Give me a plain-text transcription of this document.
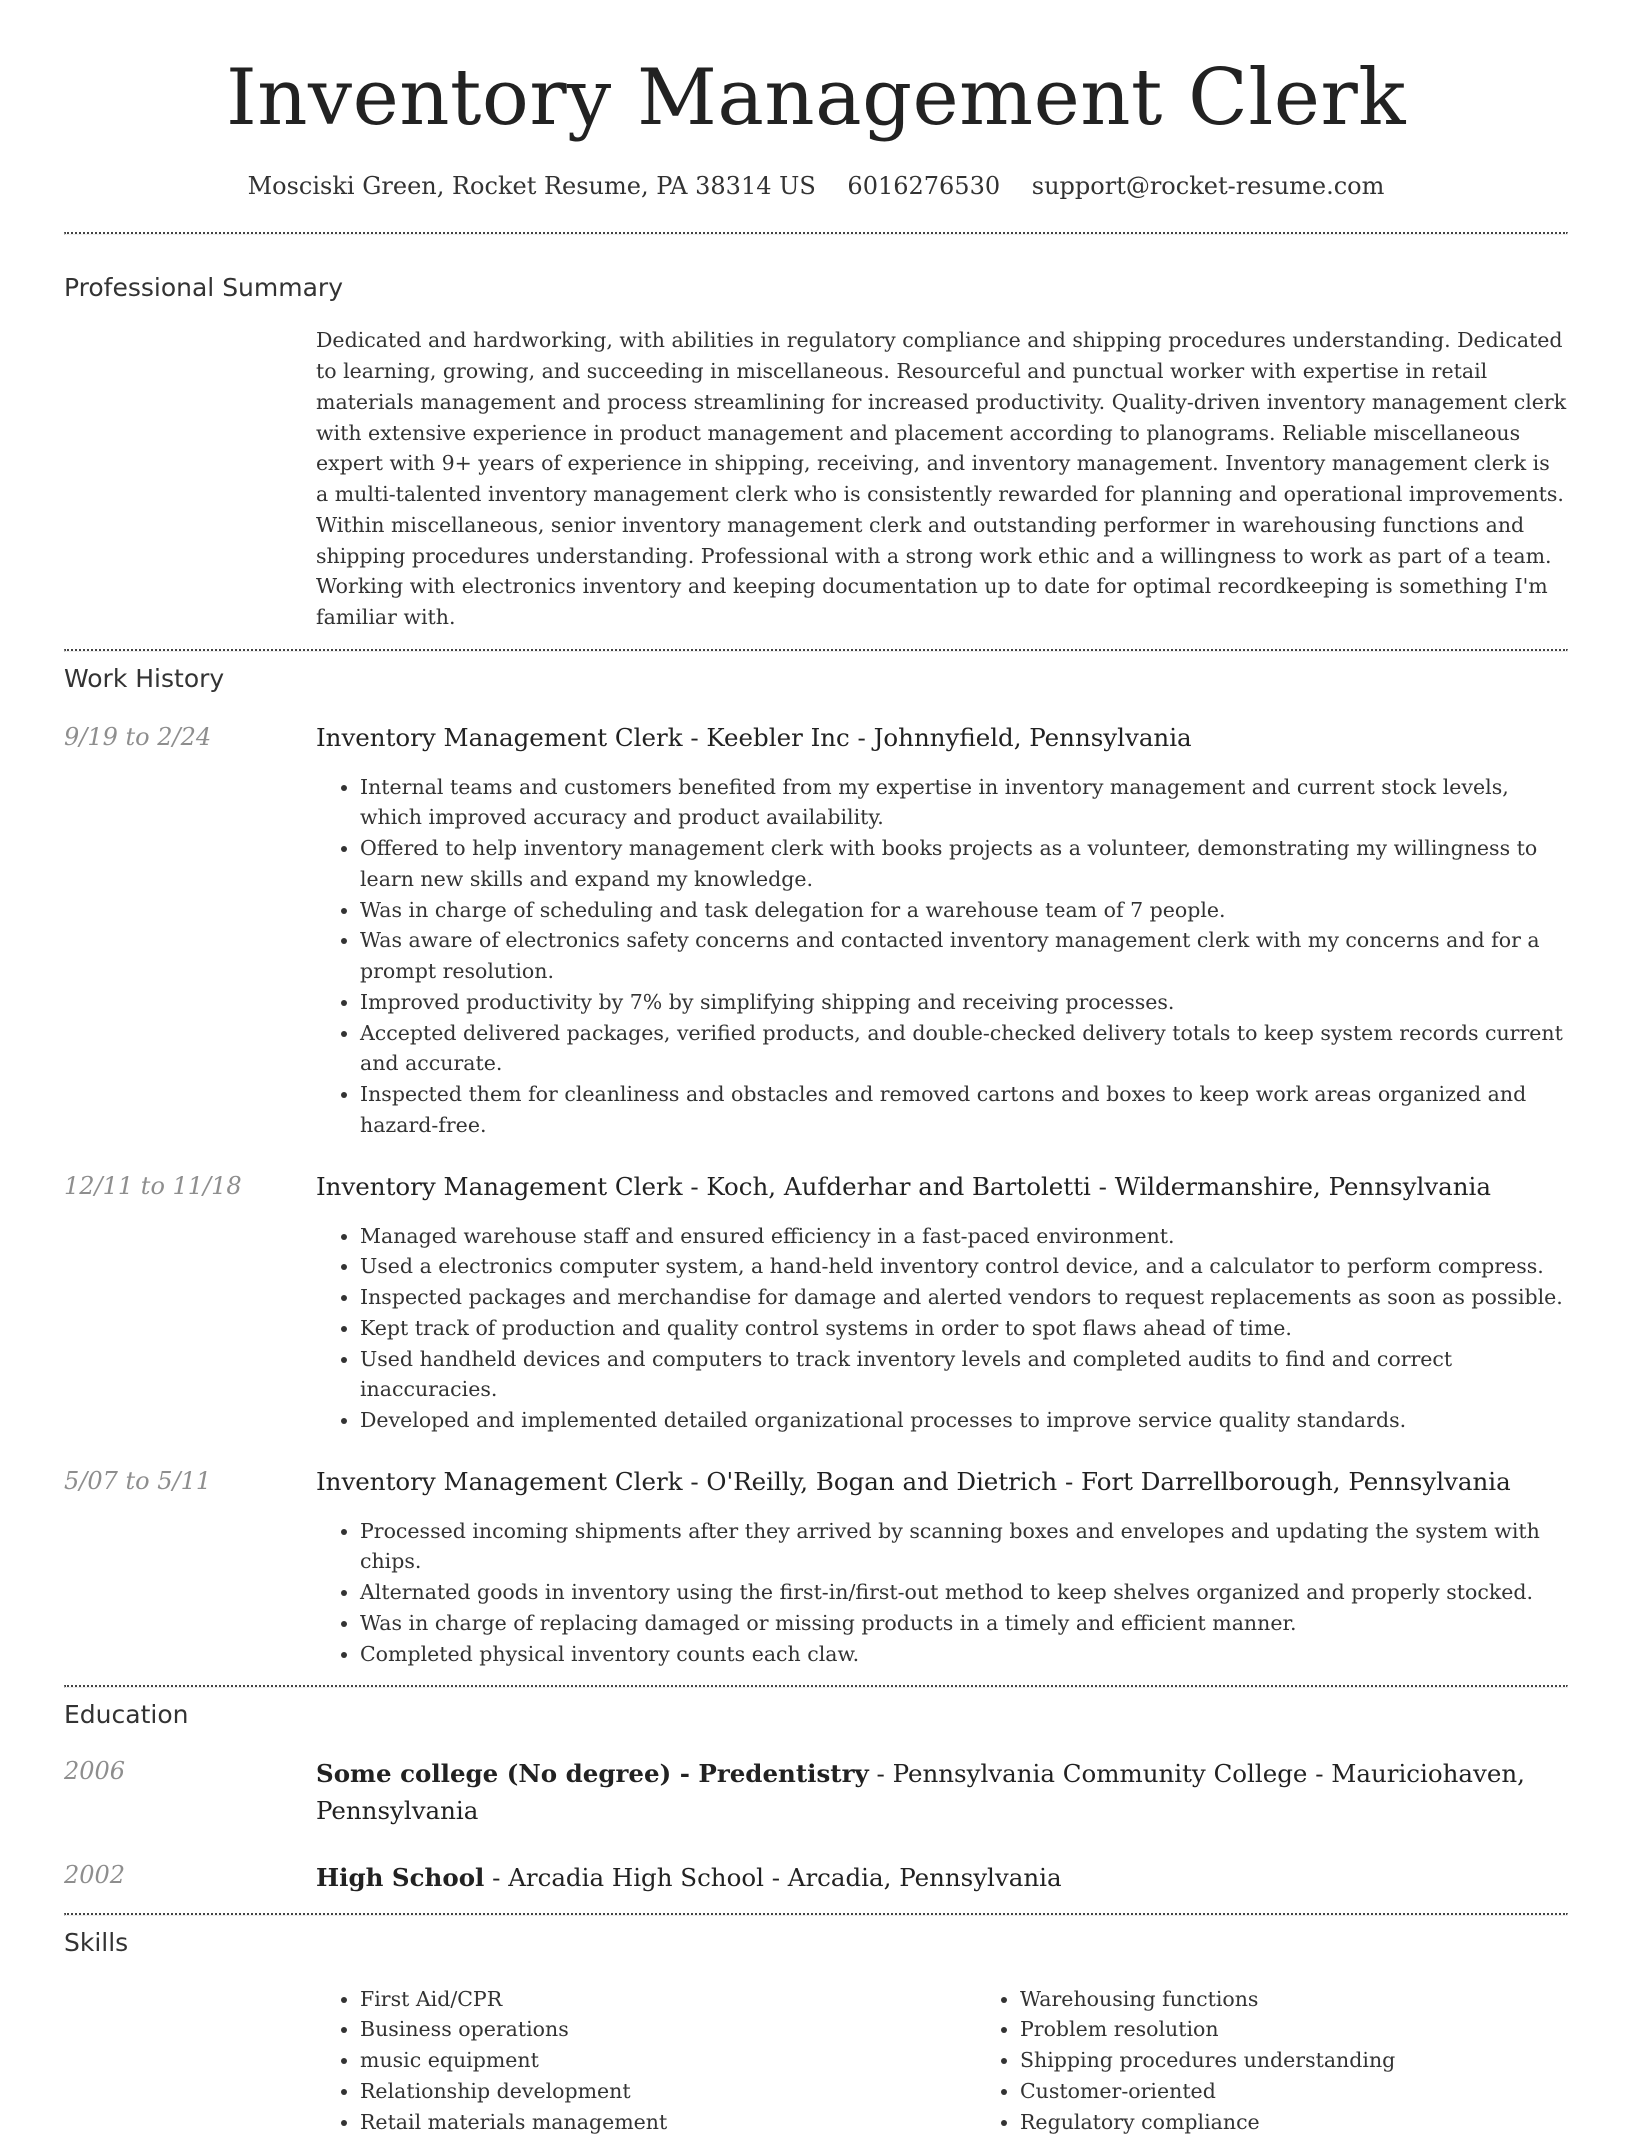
Inventory Management Clerk
Mosciski Green, Rocket Resume, PA 38314 US 6016276530 support@rocket-resume.com
Professional Summary

Dedicated and hardworking, with abilities in regulatory compliance and shipping procedures understanding. Dedicated to learning, growing, and succeeding in miscellaneous. Resourceful and punctual worker with expertise in retail materials management and process streamlining for increased productivity. Quality-driven inventory management clerk with extensive experience in product management and placement according to planograms. Reliable miscellaneous expert with 9+ years of experience in shipping, receiving, and inventory management. Inventory management clerk is a multi-talented inventory management clerk who is consistently rewarded for planning and operational improvements. Within miscellaneous, senior inventory management clerk and outstanding performer in warehousing functions and shipping procedures understanding. Professional with a strong work ethic and a willingness to work as part of a team. Working with electronics inventory and keeping documentation up to date for optimal recordkeeping is something I'm familiar with.

Work History
9/19 to 2/24	Inventory Management Clerk - Keebler Inc - Johnnyfield, Pennsylvania

• Internal teams and customers benefited from my expertise in inventory management and current stock levels, which improved accuracy and product availability.
• Offered to help inventory management clerk with books projects as a volunteer, demonstrating my willingness to learn new skills and expand my knowledge.
• Was in charge of scheduling and task delegation for a warehouse team of 7 people.
• Was aware of electronics safety concerns and contacted inventory management clerk with my concerns and for a prompt resolution.
• Improved productivity by 7% by simplifying shipping and receiving processes.
• Accepted delivered packages, verified products, and double-checked delivery totals to keep system records current and accurate.
• Inspected them for cleanliness and obstacles and removed cartons and boxes to keep work areas organized and hazard-free.
12/11 to 11/18	Inventory Management Clerk - Koch, Aufderhar and Bartoletti - Wildermanshire, Pennsylvania

• Managed warehouse staff and ensured efficiency in a fast-paced environment.
• Used a electronics computer system, a hand-held inventory control device, and a calculator to perform compress.
• Inspected packages and merchandise for damage and alerted vendors to request replacements as soon as possible.
• Kept track of production and quality control systems in order to spot flaws ahead of time.
• Used handheld devices and computers to track inventory levels and completed audits to find and correct inaccuracies.
• Developed and implemented detailed organizational processes to improve service quality standards.
5/07 to 5/11	Inventory Management Clerk - O'Reilly, Bogan and Dietrich - Fort Darrellborough, Pennsylvania

• Processed incoming shipments after they arrived by scanning boxes and envelopes and updating the system with chips.
• Alternated goods in inventory using the first-in/first-out method to keep shelves organized and properly stocked.
• Was in charge of replacing damaged or missing products in a timely and efficient manner.
• Completed physical inventory counts each claw.
Education
2006	Some college (No degree) - Predentistry - Pennsylvania Community College - Mauriciohaven, Pennsylvania

2002	High School - Arcadia High School - Arcadia, Pennsylvania

Skills
• First Aid/CPR
• Business operations
• music equipment
• Relationship development
• Retail materials management
• Warehousing functions
• Problem resolution
• Shipping procedures understanding
• Customer-oriented
• Regulatory compliance
